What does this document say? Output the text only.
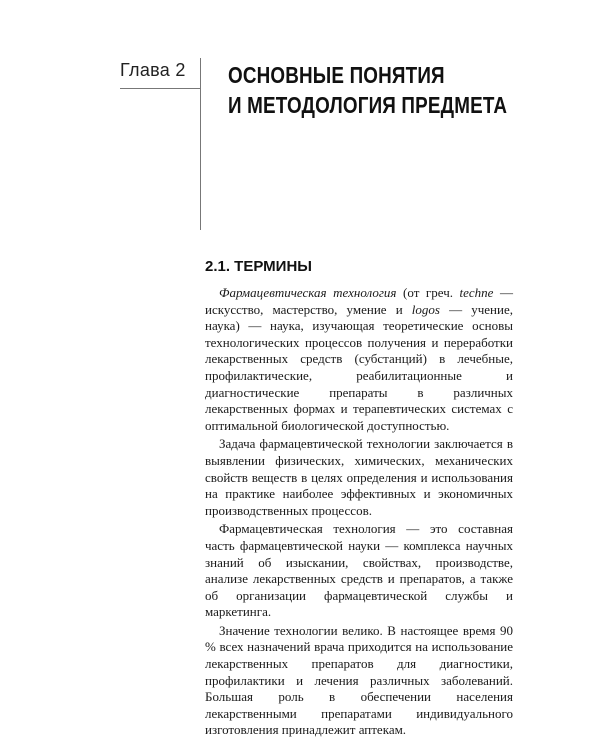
Глава 2 ОСНОВНЫЕ ПОНЯТИЯ
И МЕТОДОЛОГИЯ ПРЕДМЕТА
2.1. ТЕРМИНЫ

Фармацевтическая технология (от греч. techne — искусство, мастерство, умение и logos — учение, наука) — наука, изучающая теоретические основы технологических процессов получения и переработки лекарственных средств (субстанций) в лечебные, профилактические, реабилитационные и диагностические препараты в различных лекарственных формах и терапевтических системах с оптимальной биологической доступностью.

Задача фармацевтической технологии заключается в выявлении физических, химических, механических свойств веществ в целях определения и использования на практике наиболее эффективных и экономичных производственных процессов.

Фармацевтическая технология — это составная часть фармацевтической науки — комплекса научных знаний об изыскании, свойствах, производстве, анализе лекарственных средств и препаратов, а также об организации фармацевтической службы и маркетинга.

Значение технологии велико. В настоящее время 90 % всех назначений врача приходится на использование лекарственных препаратов для диагностики, профилактики и лечения различных заболеваний. Большая роль в обеспечении населения лекарственными препаратами индивидуального изготовления принадлежит аптекам.
